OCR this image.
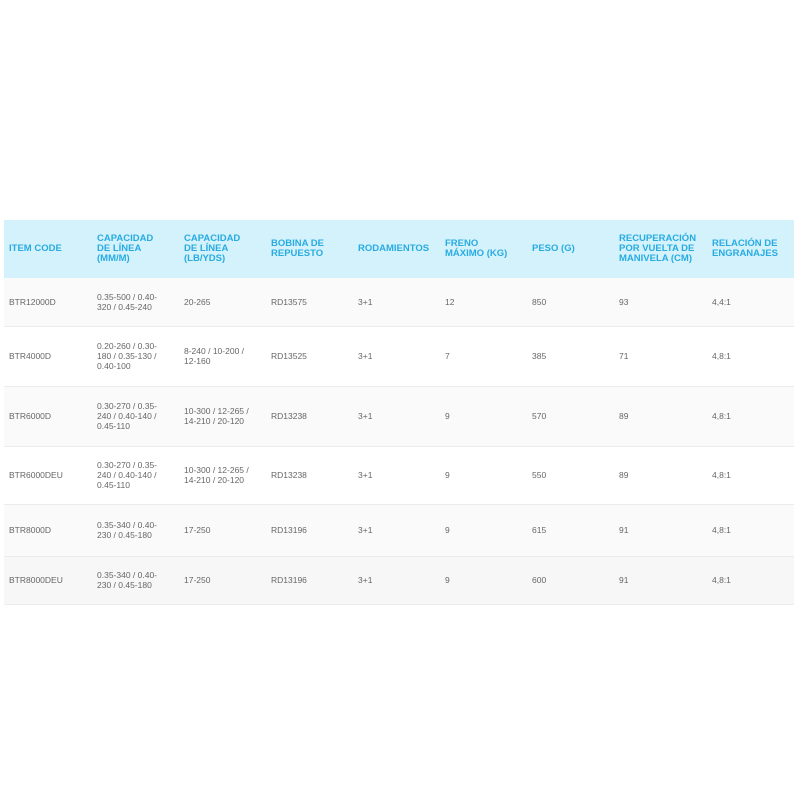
ITEM CODE	CAPACIDAD
DE LÍNEA
(MM/M)	CAPACIDAD
DE LÍNEA
(LB/YDS)	BOBINA DE
REPUESTO	RODAMIENTOS	FRENO
MÁXIMO (KG)	PESO (G)	RECUPERACIÓN
POR VUELTA DE
MANIVELA (CM)	RELACIÓN DE
ENGRANAJES
BTR12000D	0.35-500 / 0.40-
320 / 0.45-240	20-265	RD13575	3+1	12	850	93	4,4:1
BTR4000D	0.20-260 / 0.30-
180 / 0.35-130 /
0.40-100	8-240 / 10-200 /
12-160	RD13525	3+1	7	385	71	4,8:1
BTR6000D	0.30-270 / 0.35-
240 / 0.40-140 /
0.45-110	10-300 / 12-265 /
14-210 / 20-120	RD13238	3+1	9	570	89	4,8:1
BTR6000DEU	0.30-270 / 0.35-
240 / 0.40-140 /
0.45-110	10-300 / 12-265 /
14-210 / 20-120	RD13238	3+1	9	550	89	4,8:1
BTR8000D	0.35-340 / 0.40-
230 / 0.45-180	17-250	RD13196	3+1	9	615	91	4,8:1
BTR8000DEU	0.35-340 / 0.40-
230 / 0.45-180	17-250	RD13196	3+1	9	600	91	4,8:1
